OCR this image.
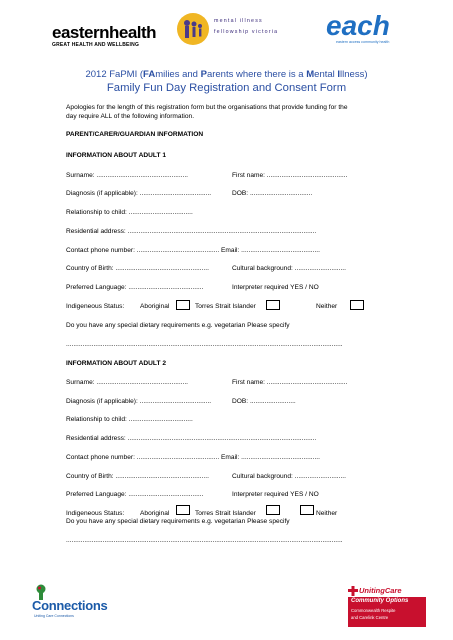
easternhealth
GREAT HEALTH AND WELLBEING
mental illness
fellowship victoria each
eastern access community health
2012 FaPMI (FAmilies and Parents where there is a Mental Illness)
Family Fun Day Registration and Consent Form
Apologies for the length of this registration form but the organisations that provide funding for the
day require ALL of the following information.
PARENT/CARER/GUARDIAN INFORMATION
INFORMATION ABOUT ADULT 1
Surname: ..................................................	First name: ............................................
Diagnosis (if applicable): .......................................	DOB: ..................................
Relationship to child: ...................................
Residential address: .......................................................................................................
Contact phone number: ............................................. Email: ...........................................
Country of Birth: ...................................................	Cultural background: ............................
Preferred Language: .........................................	Interpreter required YES / NO
Indigeneous Status: Aboriginal	Torres Strait Islander	Neither
Do you have any special dietary requirements e.g. vegetarian Please specify
.......................................................................................................................................................
INFORMATION ABOUT ADULT 2
Surname: ..................................................	First name: ............................................
Diagnosis (if applicable): .......................................	DOB: .........................
Relationship to child: ...................................
Residential address: .......................................................................................................
Contact phone number: ............................................. Email: ...........................................
Country of Birth: ...................................................	Cultural background: ............................
Preferred Language: .........................................	Interpreter required YES / NO
Indigeneous Status: Aboriginal	Torres Strait Islander	Neither
Do you have any special dietary requirements e.g. vegetarian Please specify
.......................................................................................................................................................
Connections
Uniting Care Connections
UnitingCare
Community Options
Commonwealth Respite
and Carelink Centre
